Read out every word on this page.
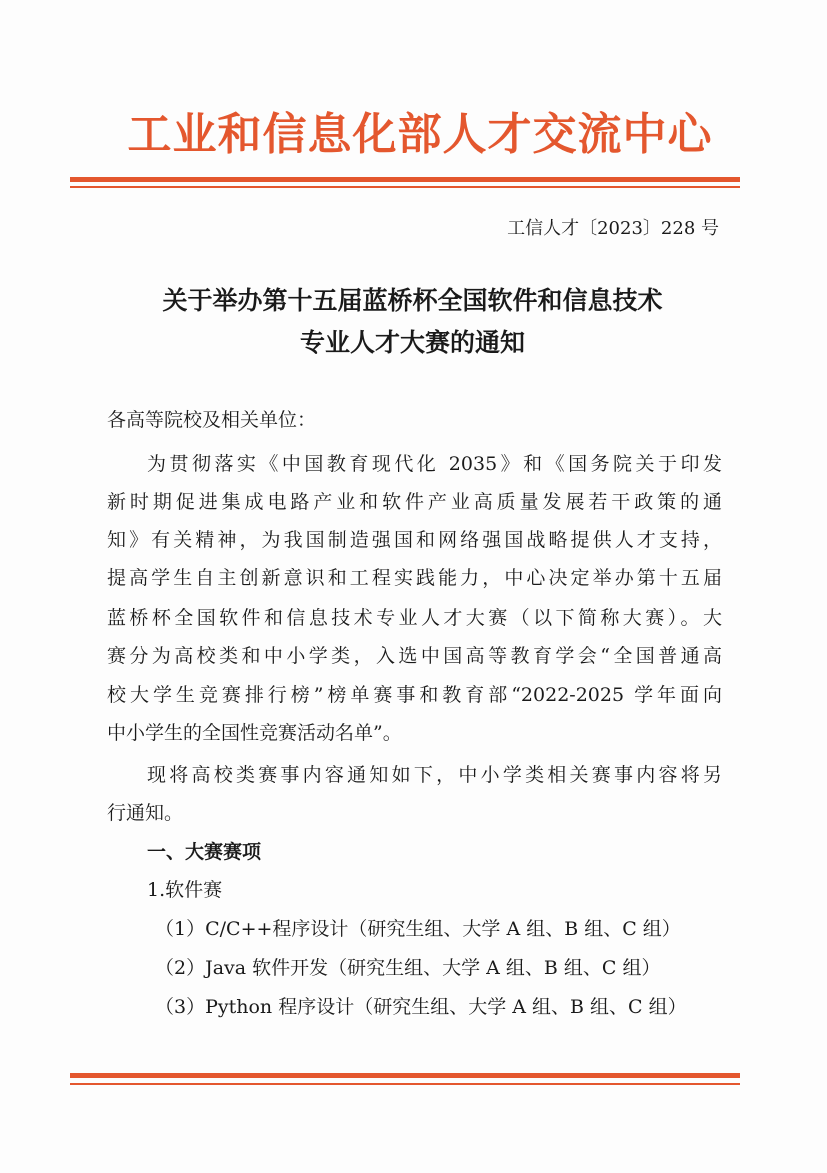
工业和信息化部人才交流中心
工信人才〔2023〕228 号
关于举办第十五届蓝桥杯全国软件和信息技术
专业人才大赛的通知
各高等院校及相关单位：
为贯彻落实《中国教育现代化 2035》和《国务院关于印发
新时期促进集成电路产业和软件产业高质量发展若干政策的通
知》有关精神，为我国制造强国和网络强国战略提供人才支持，
提高学生自主创新意识和工程实践能力，中心决定举办第十五届
蓝桥杯全国软件和信息技术专业人才大赛（以下简称大赛）。大
赛分为高校类和中小学类，入选中国高等教育学会“全国普通高
校大学生竞赛排行榜”榜单赛事和教育部“2022-2025 学年面向
中小学生的全国性竞赛活动名单”。
现将高校类赛事内容通知如下，中小学类相关赛事内容将另
行通知。
一、大赛赛项
1.软件赛
（1）C/C++程序设计（研究生组、大学 A 组、B 组、C 组）
（2）Java 软件开发（研究生组、大学 A 组、B 组、C 组）
（3）Python 程序设计（研究生组、大学 A 组、B 组、C 组）
